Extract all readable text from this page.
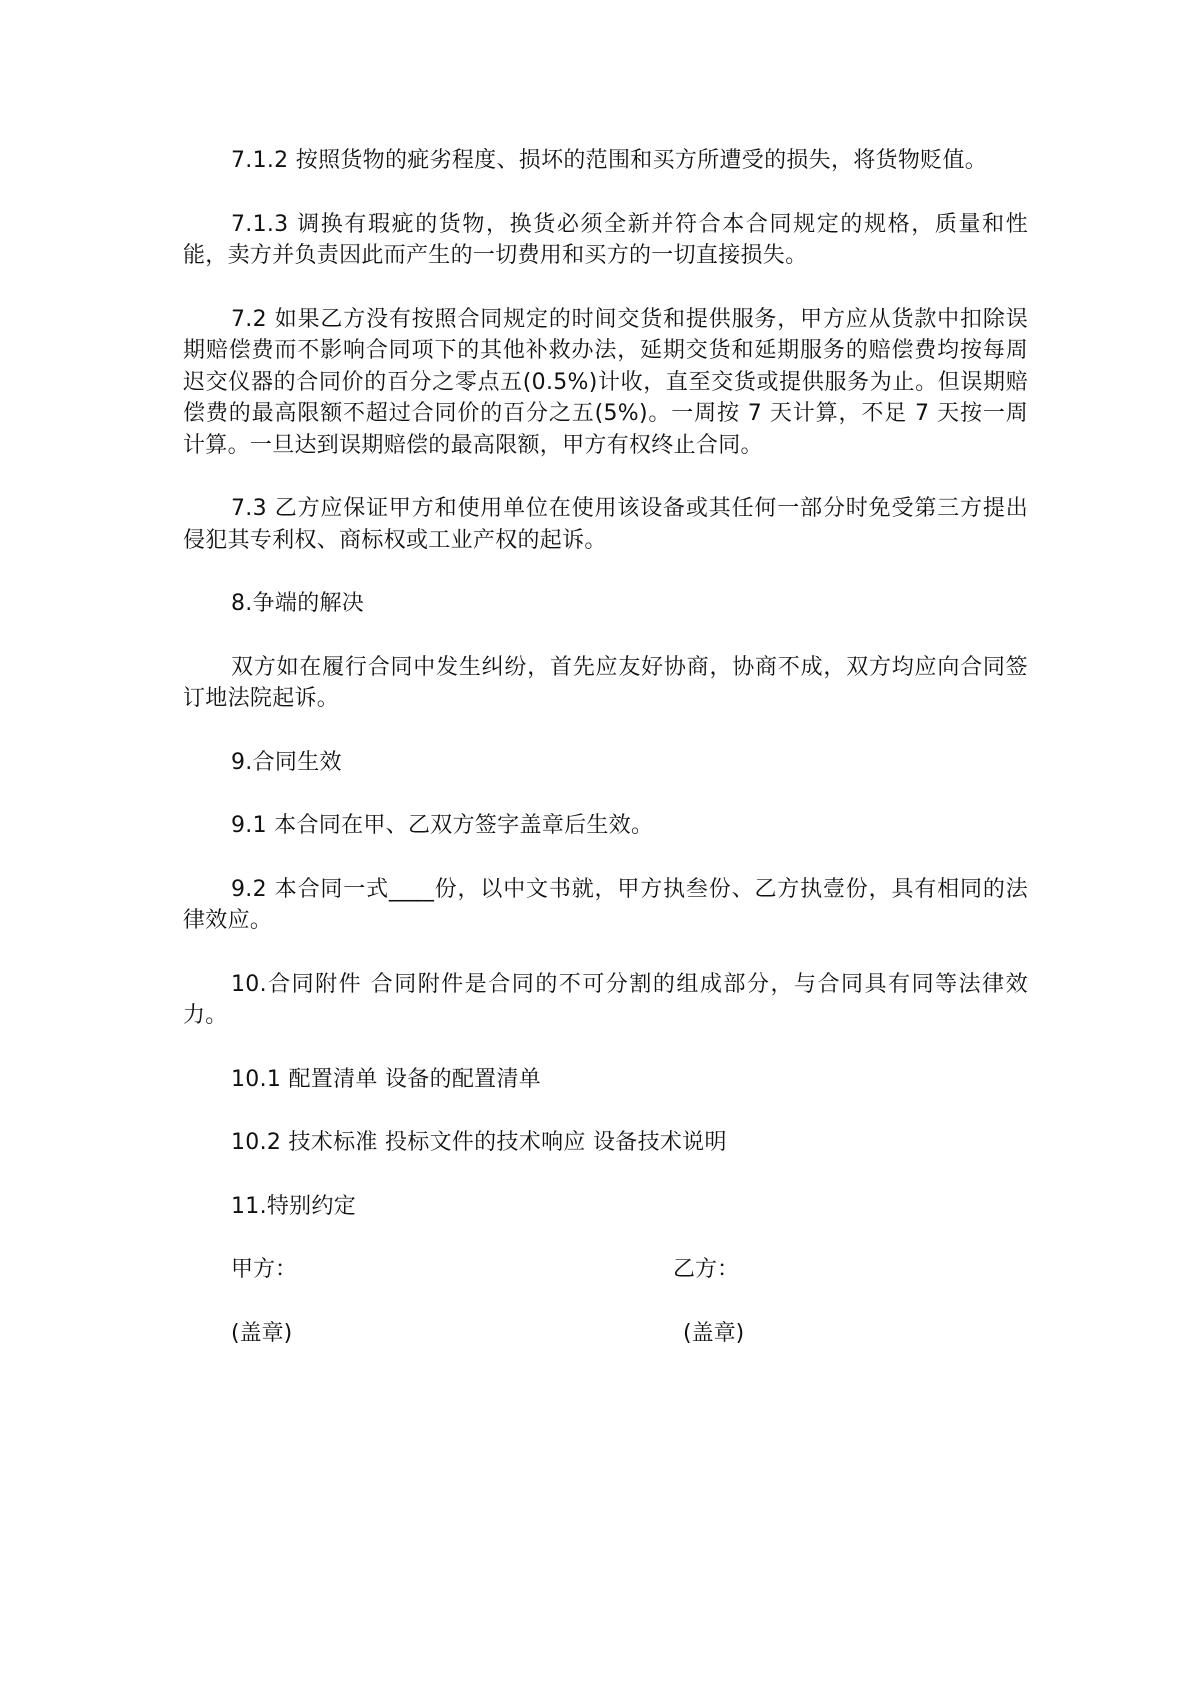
7.1.2 按照货物的疵劣程度、损坏的范围和买方所遭受的损失，将货物贬值。

7.1.3 调换有瑕疵的货物，换货必须全新并符合本合同规定的规格，质量和性能，卖方并负责因此而产生的一切费用和买方的一切直接损失。

7.2 如果乙方没有按照合同规定的时间交货和提供服务，甲方应从货款中扣除误期赔偿费而不影响合同项下的其他补救办法，延期交货和延期服务的赔偿费均按每周迟交仪器的合同价的百分之零点五(0.5%)计收，直至交货或提供服务为止。但误期赔偿费的最高限额不超过合同价的百分之五(5%)。一周按 7 天计算，不足 7 天按一周计算。一旦达到误期赔偿的最高限额，甲方有权终止合同。

7.3 乙方应保证甲方和使用单位在使用该设备或其任何一部分时免受第三方提出侵犯其专利权、商标权或工业产权的起诉。

8.争端的解决

双方如在履行合同中发生纠纷，首先应友好协商，协商不成，双方均应向合同签订地法院起诉。

9.合同生效

9.1 本合同在甲、乙双方签字盖章后生效。

9.2 本合同一式____份，以中文书就，甲方执叁份、乙方执壹份，具有相同的法律效应。

10.合同附件 合同附件是合同的不可分割的组成部分，与合同具有同等法律效力。

10.1 配置清单 设备的配置清单

10.2 技术标准 投标文件的技术响应 设备技术说明

11.特别约定

甲方：	乙方：
(盖章)	(盖章)
